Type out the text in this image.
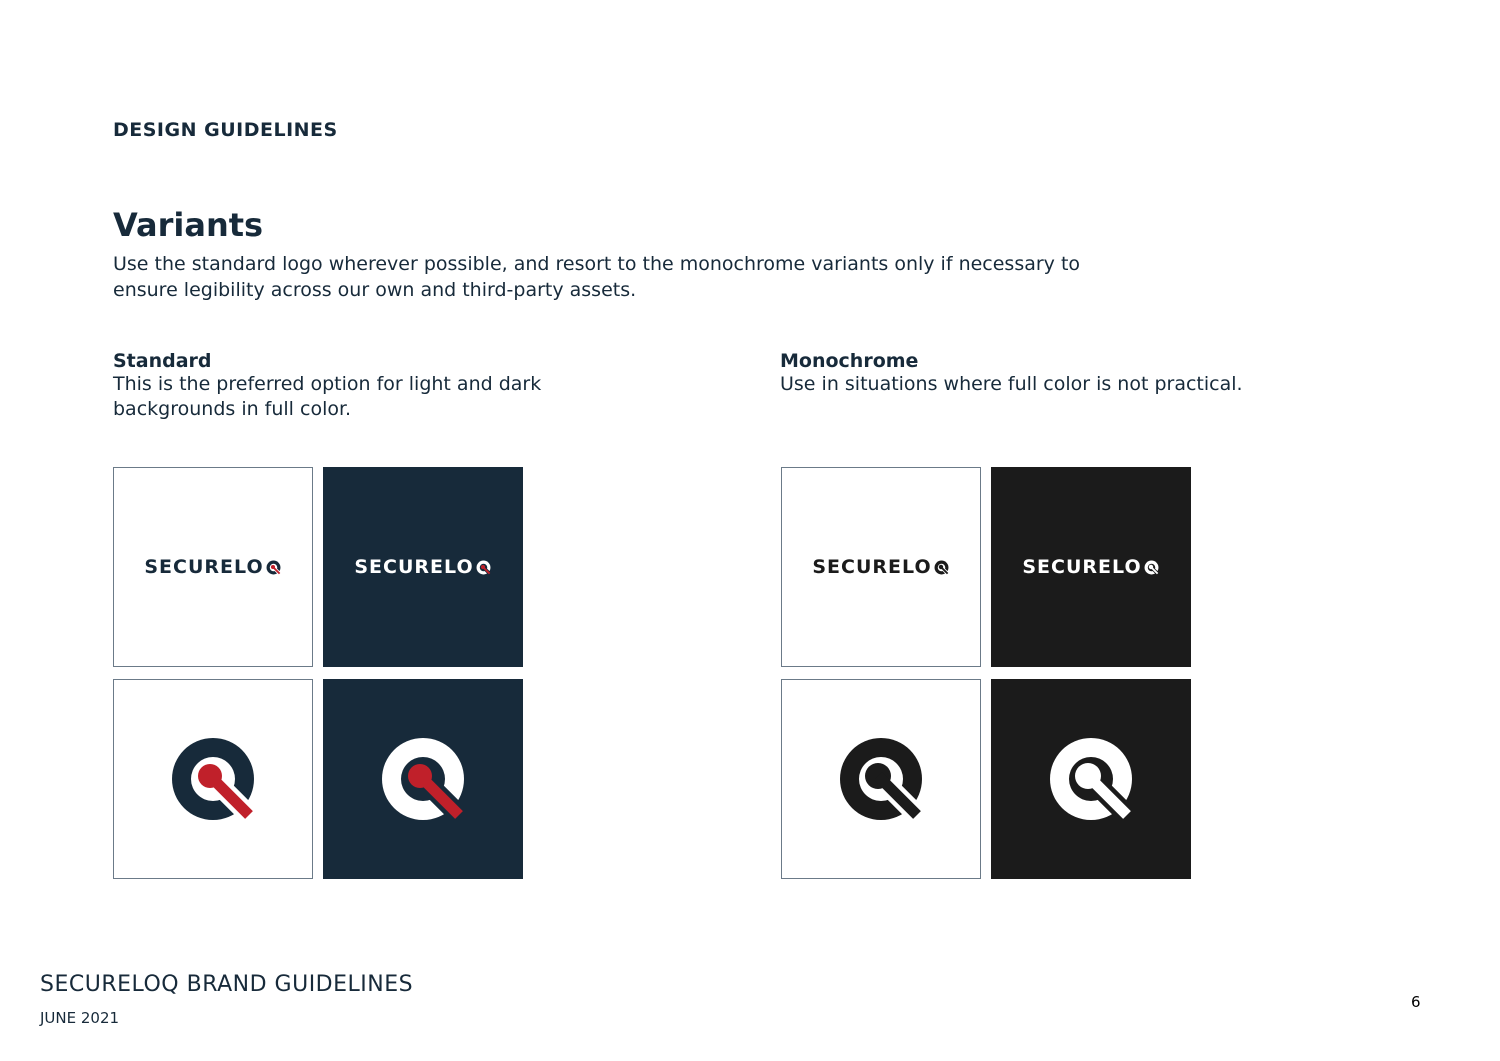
DESIGN GUIDELINES
Variants
Use the standard logo wherever possible, and resort to the monochrome variants only if necessary to ensure legibility across our own and third-party assets.
Standard
This is the preferred option for light and dark backgrounds in full color.
Monochrome
Use in situations where full color is not practical.
SECURELO	SECURELO	SECURELO	SECURELO
SECURELOQ BRAND GUIDELINES
JUNE 2021
6
